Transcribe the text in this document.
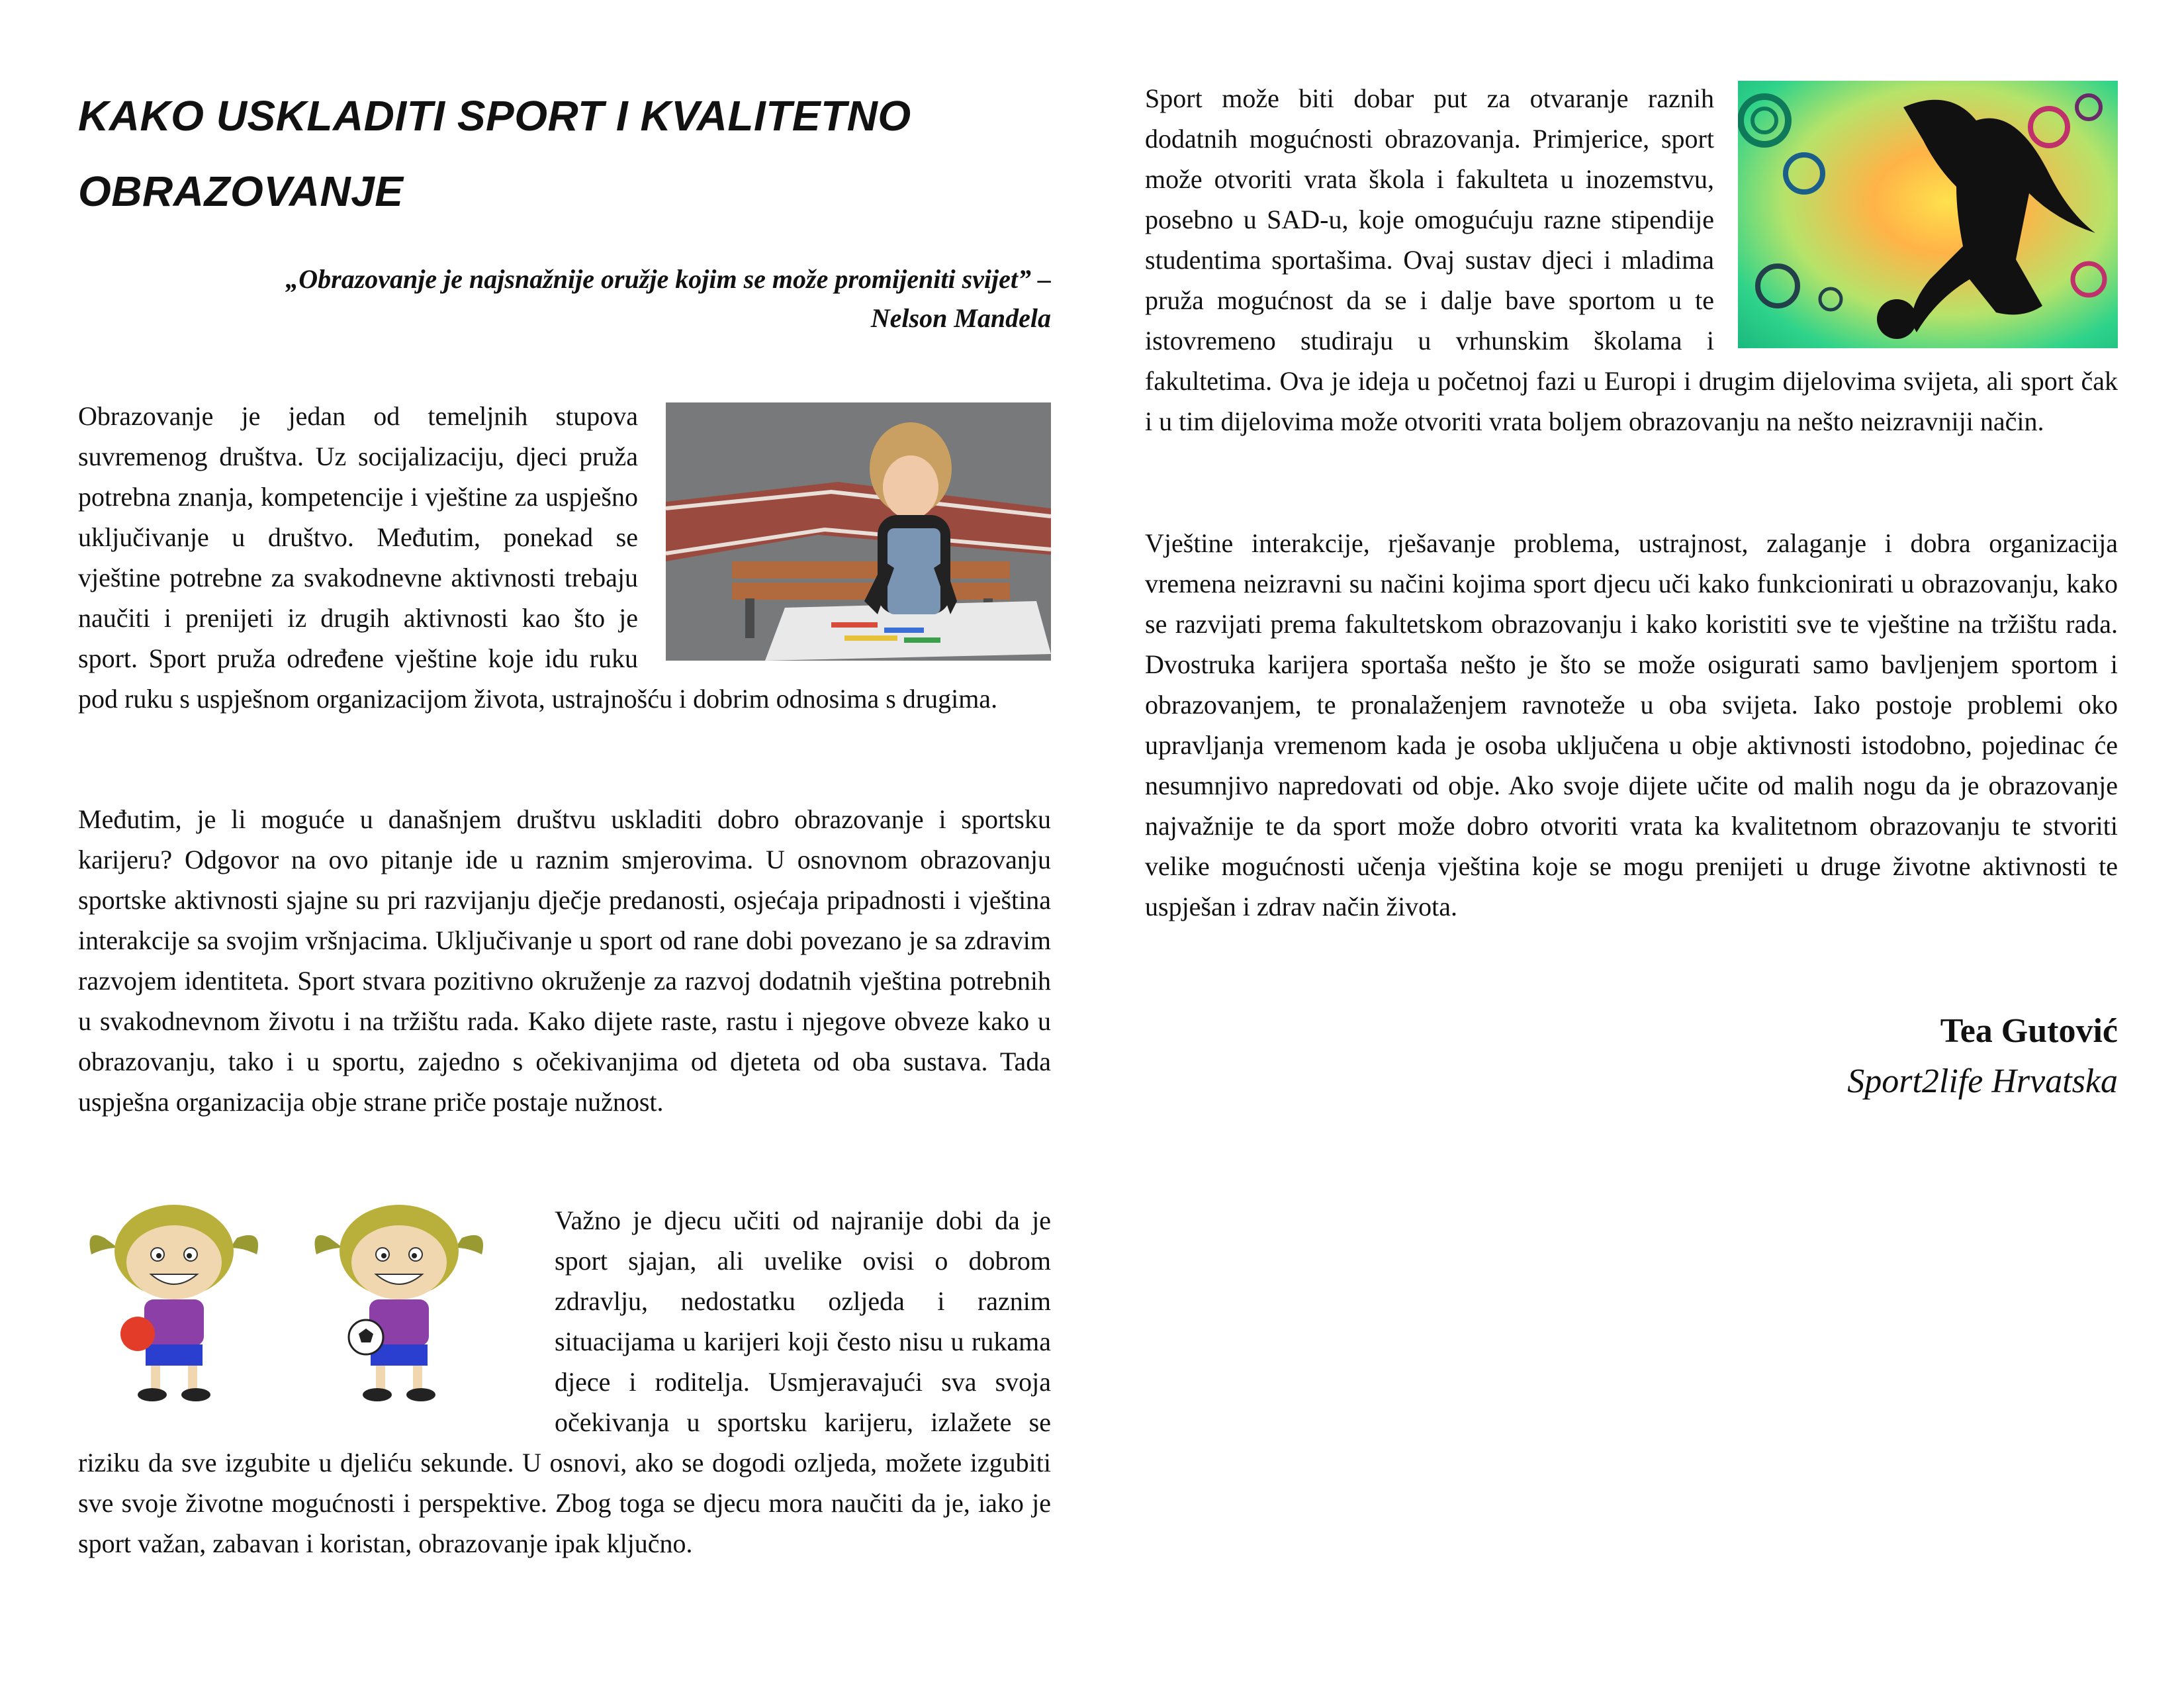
KAKO USKLADITI SPORT I KVALITETNO
OBRAZOVANJE

„Obrazovanje je najsnažnije oružje kojim se može promijeniti svijet” –
Nelson Mandela

Obrazovanje je jedan od temeljnih stupova suvremenog društva. Uz socijalizaciju, djeci pruža potrebna znanja, kompetencije i vještine za uspješno uključivanje u društvo. Međutim, ponekad se vještine potrebne za svakodnevne aktivnosti trebaju naučiti i prenijeti iz drugih aktivnosti kao što je sport. Sport pruža određene vještine koje idu ruku pod ruku s uspješnom organizacijom života, ustrajnošću i dobrim odnosima s drugima.
Međutim, je li moguće u današnjem društvu uskladiti dobro obrazovanje i sportsku karijeru? Odgovor na ovo pitanje ide u raznim smjerovima. U osnovnom obrazovanju sportske aktivnosti sjajne su pri razvijanju dječje predanosti, osjećaja pripadnosti i vještina interakcije sa svojim vršnjacima. Uključivanje u sport od rane dobi povezano je sa zdravim razvojem identiteta. Sport stvara pozitivno okruženje za razvoj dodatnih vještina potrebnih u svakodnevnom životu i na tržištu rada. Kako dijete raste, rastu i njegove obveze kako u obrazovanju, tako i u sportu, zajedno s očekivanjima od djeteta od oba sustava. Tada uspješna organizacija obje strane priče postaje nužnost.
Važno je djecu učiti od najranije dobi da je sport sjajan, ali uvelike ovisi o dobrom zdravlju, nedostatku ozljeda i raznim situacijama u karijeri koji često nisu u rukama djece i roditelja. Usmjeravajući sva svoja očekivanja u sportsku karijeru, izlažete se riziku da sve izgubite u djeliću sekunde. U osnovi, ako se dogodi ozljeda, možete izgubiti sve svoje životne mogućnosti i perspektive. Zbog toga se djecu mora naučiti da je, iako je sport važan, zabavan i koristan, obrazovanje ipak ključno.
Sport može biti dobar put za otvaranje raznih dodatnih mogućnosti obrazovanja. Primjerice, sport može otvoriti vrata škola i fakulteta u inozemstvu, posebno u SAD-u, koje omogućuju razne stipendije studentima sportašima. Ovaj sustav djeci i mladima pruža mogućnost da se i dalje bave sportom u te istovremeno studiraju u vrhunskim školama i fakultetima. Ova je ideja u početnoj fazi u Europi i drugim dijelovima svijeta, ali sport čak i u tim dijelovima može otvoriti vrata boljem obrazovanju na nešto neizravniji način.
Vještine interakcije, rješavanje problema, ustrajnost, zalaganje i dobra organizacija vremena neizravni su načini kojima sport djecu uči kako funkcionirati u obrazovanju, kako se razvijati prema fakultetskom obrazovanju i kako koristiti sve te vještine na tržištu rada. Dvostruka karijera sportaša nešto je što se može osigurati samo bavljenjem sportom i obrazovanjem, te pronalaženjem ravnoteže u oba svijeta. Iako postoje problemi oko upravljanja vremenom kada je osoba uključena u obje aktivnosti istodobno, pojedinac će nesumnjivo napredovati od obje. Ako svoje dijete učite od malih nogu da je obrazovanje najvažnije te da sport može dobro otvoriti vrata ka kvalitetnom obrazovanju te stvoriti velike mogućnosti učenja vještina koje se mogu prenijeti u druge životne aktivnosti te uspješan i zdrav način života.
Tea Gutović
Sport2life Hrvatska
